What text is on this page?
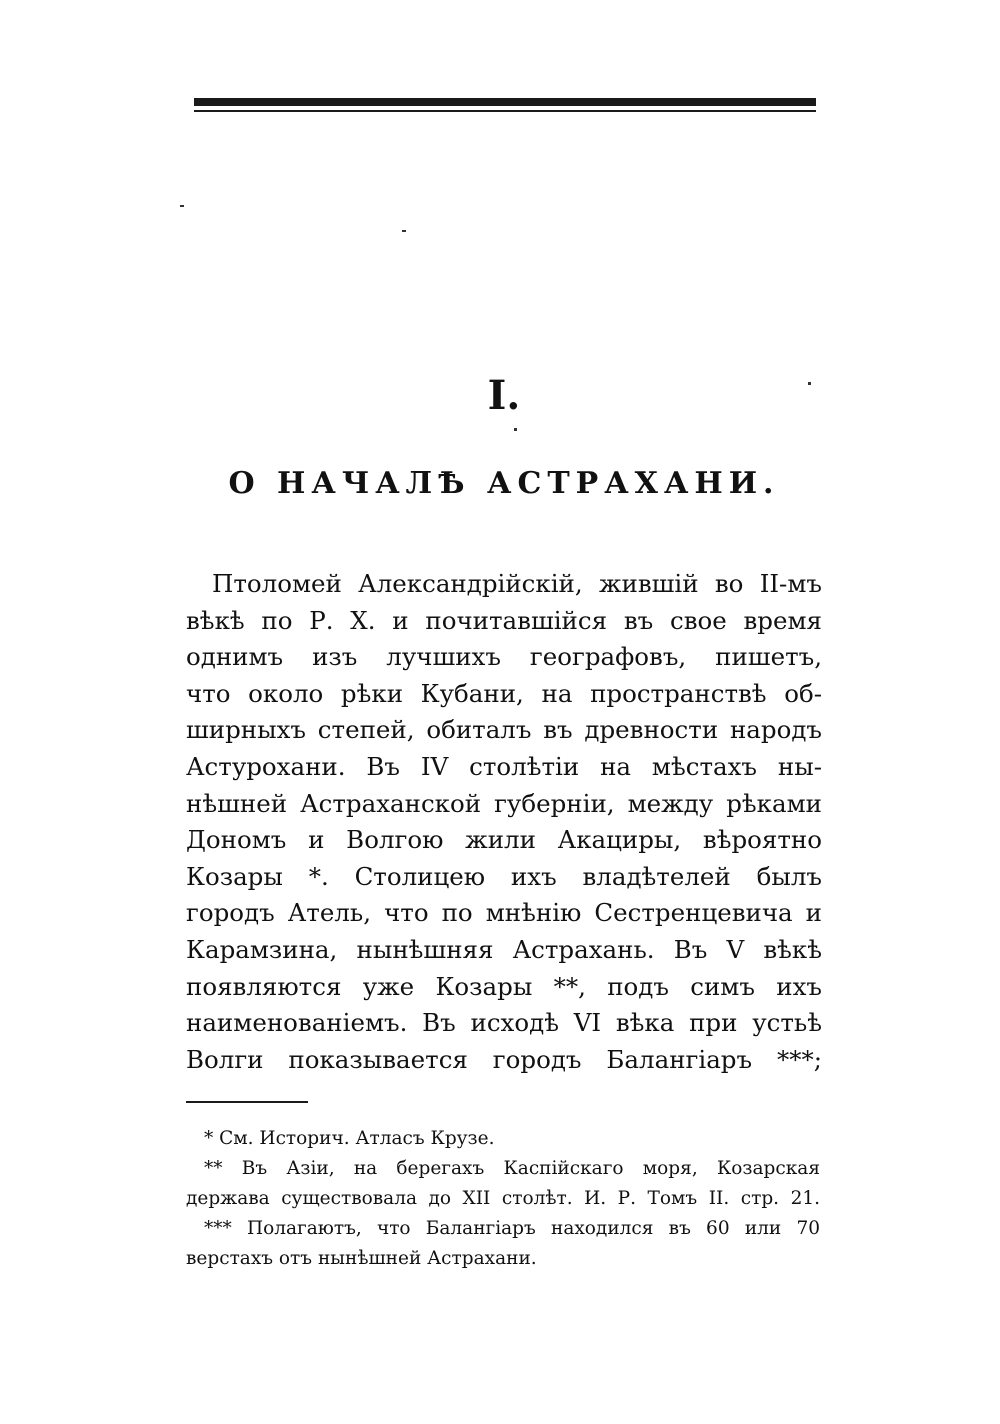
I.
О НАЧАЛѢ АСТРАХАНИ.
Птоломей Александрійскій, жившій во II-мъ
вѣкѣ по Р. Х. и почитавшійся въ свое время
однимъ изъ лучшихъ географовъ, пишетъ,
что около рѣки Кубани, на пространствѣ об-
ширныхъ степей, обиталъ въ древности народъ
Астурохани. Въ IV столѣтіи на мѣстахъ ны-
нѣшней Астраханской губерніи, между рѣками
Дономъ и Волгою жили Акациры, вѣроятно
Козары *. Столицею ихъ владѣтелей былъ
городъ Атель, что по мнѣнію Сестренцевича и
Карамзина, нынѣшняя Астрахань. Въ V вѣкѣ
появляются уже Козары **, подъ симъ ихъ
наименованіемъ. Въ исходѣ VI вѣка при устьѣ
Волги показывается городъ Балангіаръ ***;
* См. Историч. Атласъ Крузе.
** Въ Азіи, на берегахъ Каспійскаго моря, Козарская
держава существовала до XII столѣт. И. Р. Томъ II. стр. 21.
*** Полагаютъ, что Балангіаръ находился въ 60 или 70
верстахъ отъ нынѣшней Астрахани.
